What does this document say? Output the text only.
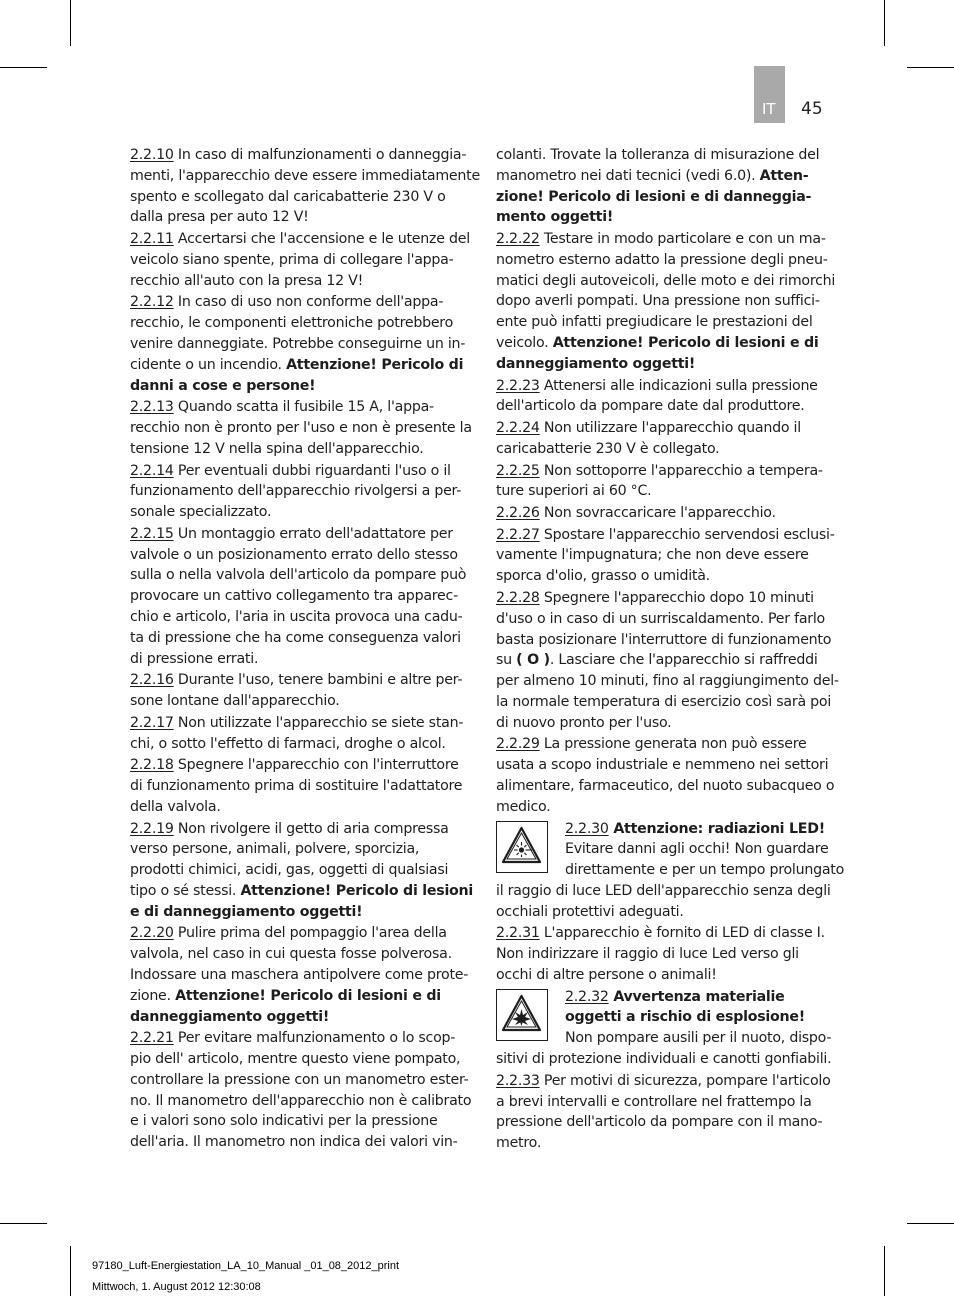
IT 45

2.2.10 In caso di malfunzionamenti o danneggia-
menti, l'apparecchio deve essere immediatamente
spento e scollegato dal caricabatterie 230 V o
dalla presa per auto 12 V!

2.2.11 Accertarsi che l'accensione e le utenze del
veicolo siano spente, prima di collegare l'appa-
recchio all'auto con la presa 12 V!

2.2.12 In caso di uso non conforme dell'appa-
recchio, le componenti elettroniche potrebbero
venire danneggiate. Potrebbe conseguirne un in-
cidente o un incendio. Attenzione! Pericolo di
danni a cose e persone!

2.2.13 Quando scatta il fusibile 15 A, l'appa-
recchio non è pronto per l'uso e non è presente la
tensione 12 V nella spina dell'apparecchio.

2.2.14 Per eventuali dubbi riguardanti l'uso o il
funzionamento dell'apparecchio rivolgersi a per-
sonale specializzato.

2.2.15 Un montaggio errato dell'adattatore per
valvole o un posizionamento errato dello stesso
sulla o nella valvola dell'articolo da pompare può
provocare un cattivo collegamento tra apparec-
chio e articolo, l'aria in uscita provoca una cadu-
ta di pressione che ha come conseguenza valori
di pressione errati.

2.2.16 Durante l'uso, tenere bambini e altre per-
sone lontane dall'apparecchio.

2.2.17 Non utilizzate l'apparecchio se siete stan-
chi, o sotto l'effetto di farmaci, droghe o alcol.

2.2.18 Spegnere l'apparecchio con l'interruttore
di funzionamento prima di sostituire l'adattatore
della valvola.

2.2.19 Non rivolgere il getto di aria compressa
verso persone, animali, polvere, sporcizia,
prodotti chimici, acidi, gas, oggetti di qualsiasi
tipo o sé stessi. Attenzione! Pericolo di lesioni
e di danneggiamento oggetti!

2.2.20 Pulire prima del pompaggio l'area della
valvola, nel caso in cui questa fosse polverosa.
Indossare una maschera antipolvere come prote-
zione. Attenzione! Pericolo di lesioni e di
danneggiamento oggetti!

2.2.21 Per evitare malfunzionamento o lo scop-
pio dell' articolo, mentre questo viene pompato,
controllare la pressione con un manometro ester-
no. Il manometro dell'apparecchio non è calibrato
e i valori sono solo indicativi per la pressione
dell'aria. Il manometro non indica dei valori vin-

colanti. Trovate la tolleranza di misurazione del
manometro nei dati tecnici (vedi 6.0). Atten-
zione! Pericolo di lesioni e di danneggia-
mento oggetti!

2.2.22 Testare in modo particolare e con un ma-
nometro esterno adatto la pressione degli pneu-
matici degli autoveicoli, delle moto e dei rimorchi
dopo averli pompati. Una pressione non suffici-
ente può infatti pregiudicare le prestazioni del
veicolo. Attenzione! Pericolo di lesioni e di
danneggiamento oggetti!

2.2.23 Attenersi alle indicazioni sulla pressione
dell'articolo da pompare date dal produttore.

2.2.24 Non utilizzare l'apparecchio quando il
caricabatterie 230 V è collegato.

2.2.25 Non sottoporre l'apparecchio a tempera-
ture superiori ai 60 °C.

2.2.26 Non sovraccaricare l'apparecchio.

2.2.27 Spostare l'apparecchio servendosi esclusi-
vamente l'impugnatura; che non deve essere
sporca d'olio, grasso o umidità.

2.2.28 Spegnere l'apparecchio dopo 10 minuti
d'uso o in caso di un surriscaldamento. Per farlo
basta posizionare l'interruttore di funzionamento
su ( O ). Lasciare che l'apparecchio si raffreddi
per almeno 10 minuti, fino al raggiungimento del-
la normale temperatura di esercizio così sarà poi
di nuovo pronto per l'uso.

2.2.29 La pressione generata non può essere
usata a scopo industriale e nemmeno nei settori
alimentare, farmaceutico, del nuoto subacqueo o
medico.

2.2.30 Attenzione: radiazioni LED!
Evitare danni agli occhi! Non guardare
direttamente e per un tempo prolungato
il raggio di luce LED dell'apparecchio senza degli
occhiali protettivi adeguati.

2.2.31 L'apparecchio è fornito di LED di classe I.
Non indirizzare il raggio di luce Led verso gli
occhi di altre persone o animali!

2.2.32 Avvertenza materialie
oggetti a rischio di esplosione!
Non pompare ausili per il nuoto, dispo-
sitivi di protezione individuali e canotti gonfiabili.

2.2.33 Per motivi di sicurezza, pompare l'articolo
a brevi intervalli e controllare nel frattempo la
pressione dell'articolo da pompare con il mano-
metro.

97180_Luft-Energiestation_LA_10_Manual _01_08_2012_print
Mittwoch, 1. August 2012 12:30:08
